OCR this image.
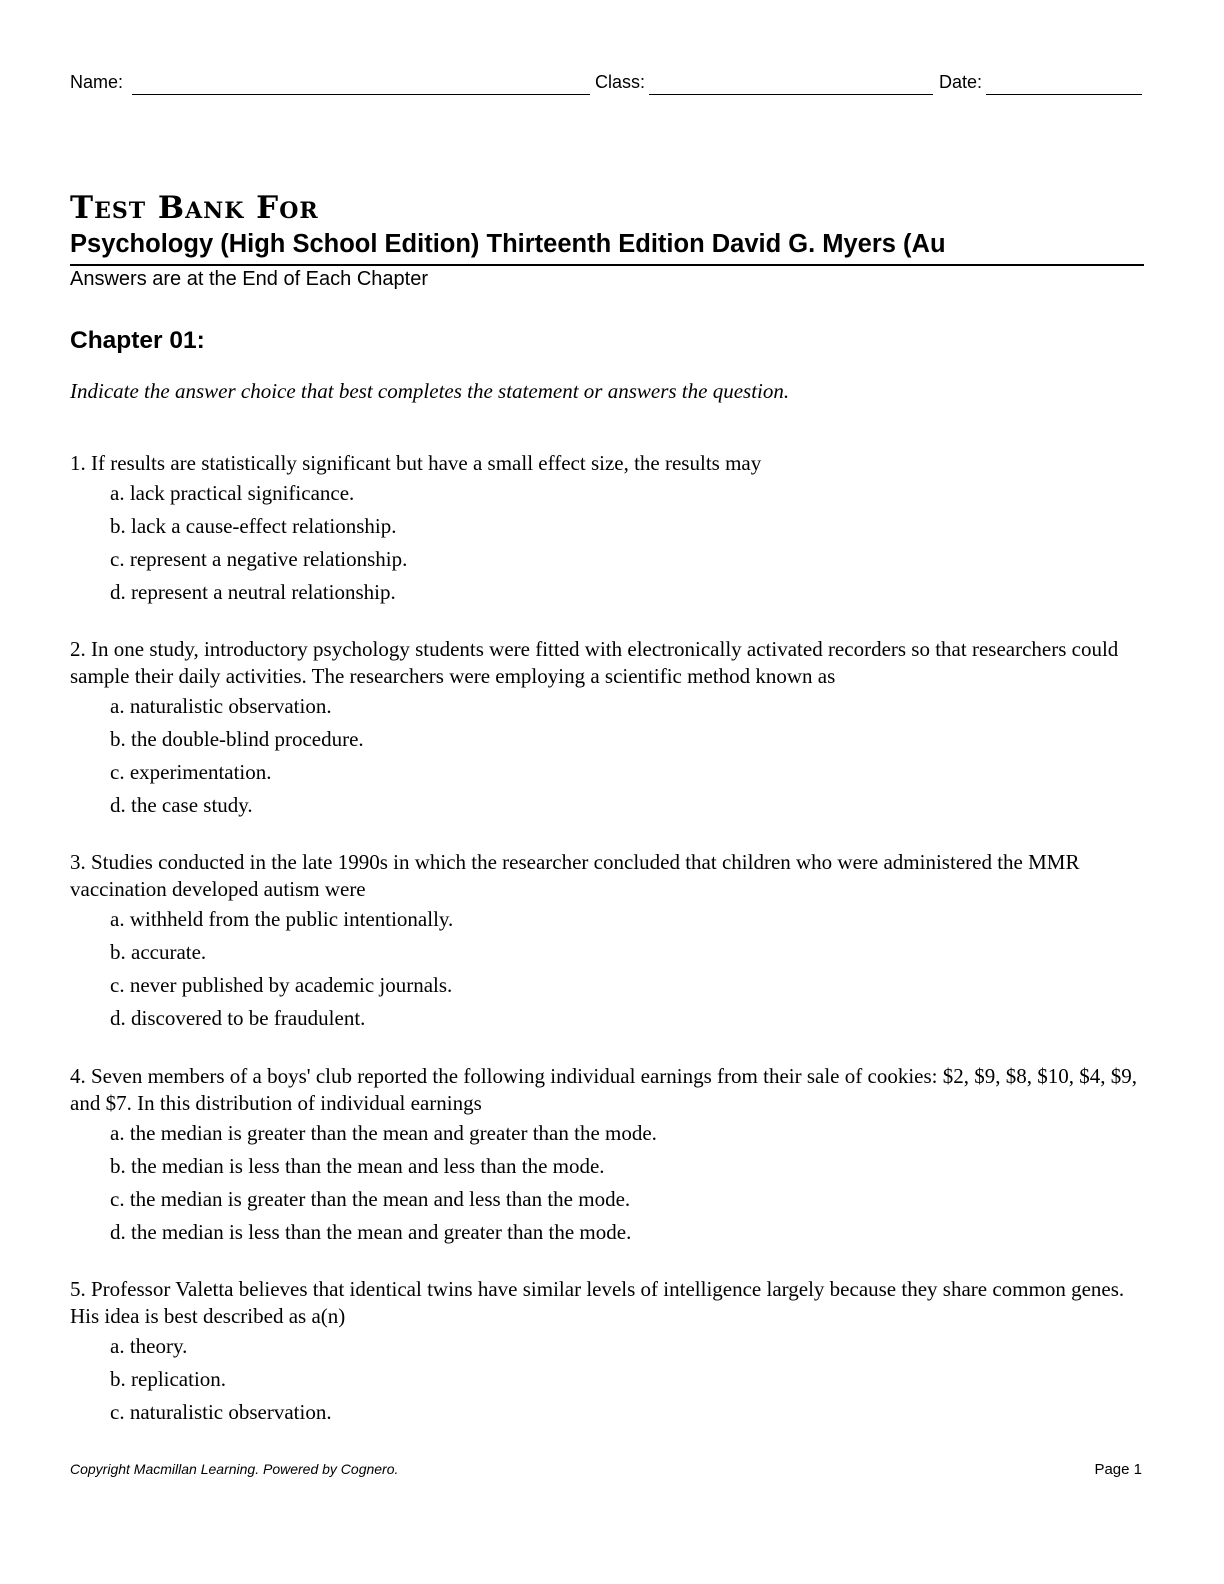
Name:	Class:	Date:
Test Bank For
Psychology (High School Edition) Thirteenth Edition David G. Myers (Au
Answers are at the End of Each Chapter
Chapter 01:
Indicate the answer choice that best completes the statement or answers the question.
1. If results are statistically significant but have a small effect size, the results may
a. lack practical significance.
b. lack a cause-effect relationship.
c. represent a negative relationship.
d. represent a neutral relationship.
2. In one study, introductory psychology students were fitted with electronically activated recorders so that researchers could sample their daily activities. The researchers were employing a scientific method known as
a. naturalistic observation.
b. the double-blind procedure.
c. experimentation.
d. the case study.
3. Studies conducted in the late 1990s in which the researcher concluded that children who were administered the MMR vaccination developed autism were
a. withheld from the public intentionally.
b. accurate.
c. never published by academic journals.
d. discovered to be fraudulent.
4. Seven members of a boys' club reported the following individual earnings from their sale of cookies: $2, $9, $8, $10, $4, $9, and $7. In this distribution of individual earnings
a. the median is greater than the mean and greater than the mode.
b. the median is less than the mean and less than the mode.
c. the median is greater than the mean and less than the mode.
d. the median is less than the mean and greater than the mode.
5. Professor Valetta believes that identical twins have similar levels of intelligence largely because they share common genes. His idea is best described as a(n)
a. theory.
b. replication.
c. naturalistic observation.
Copyright Macmillan Learning. Powered by Cognero.	Page 1
